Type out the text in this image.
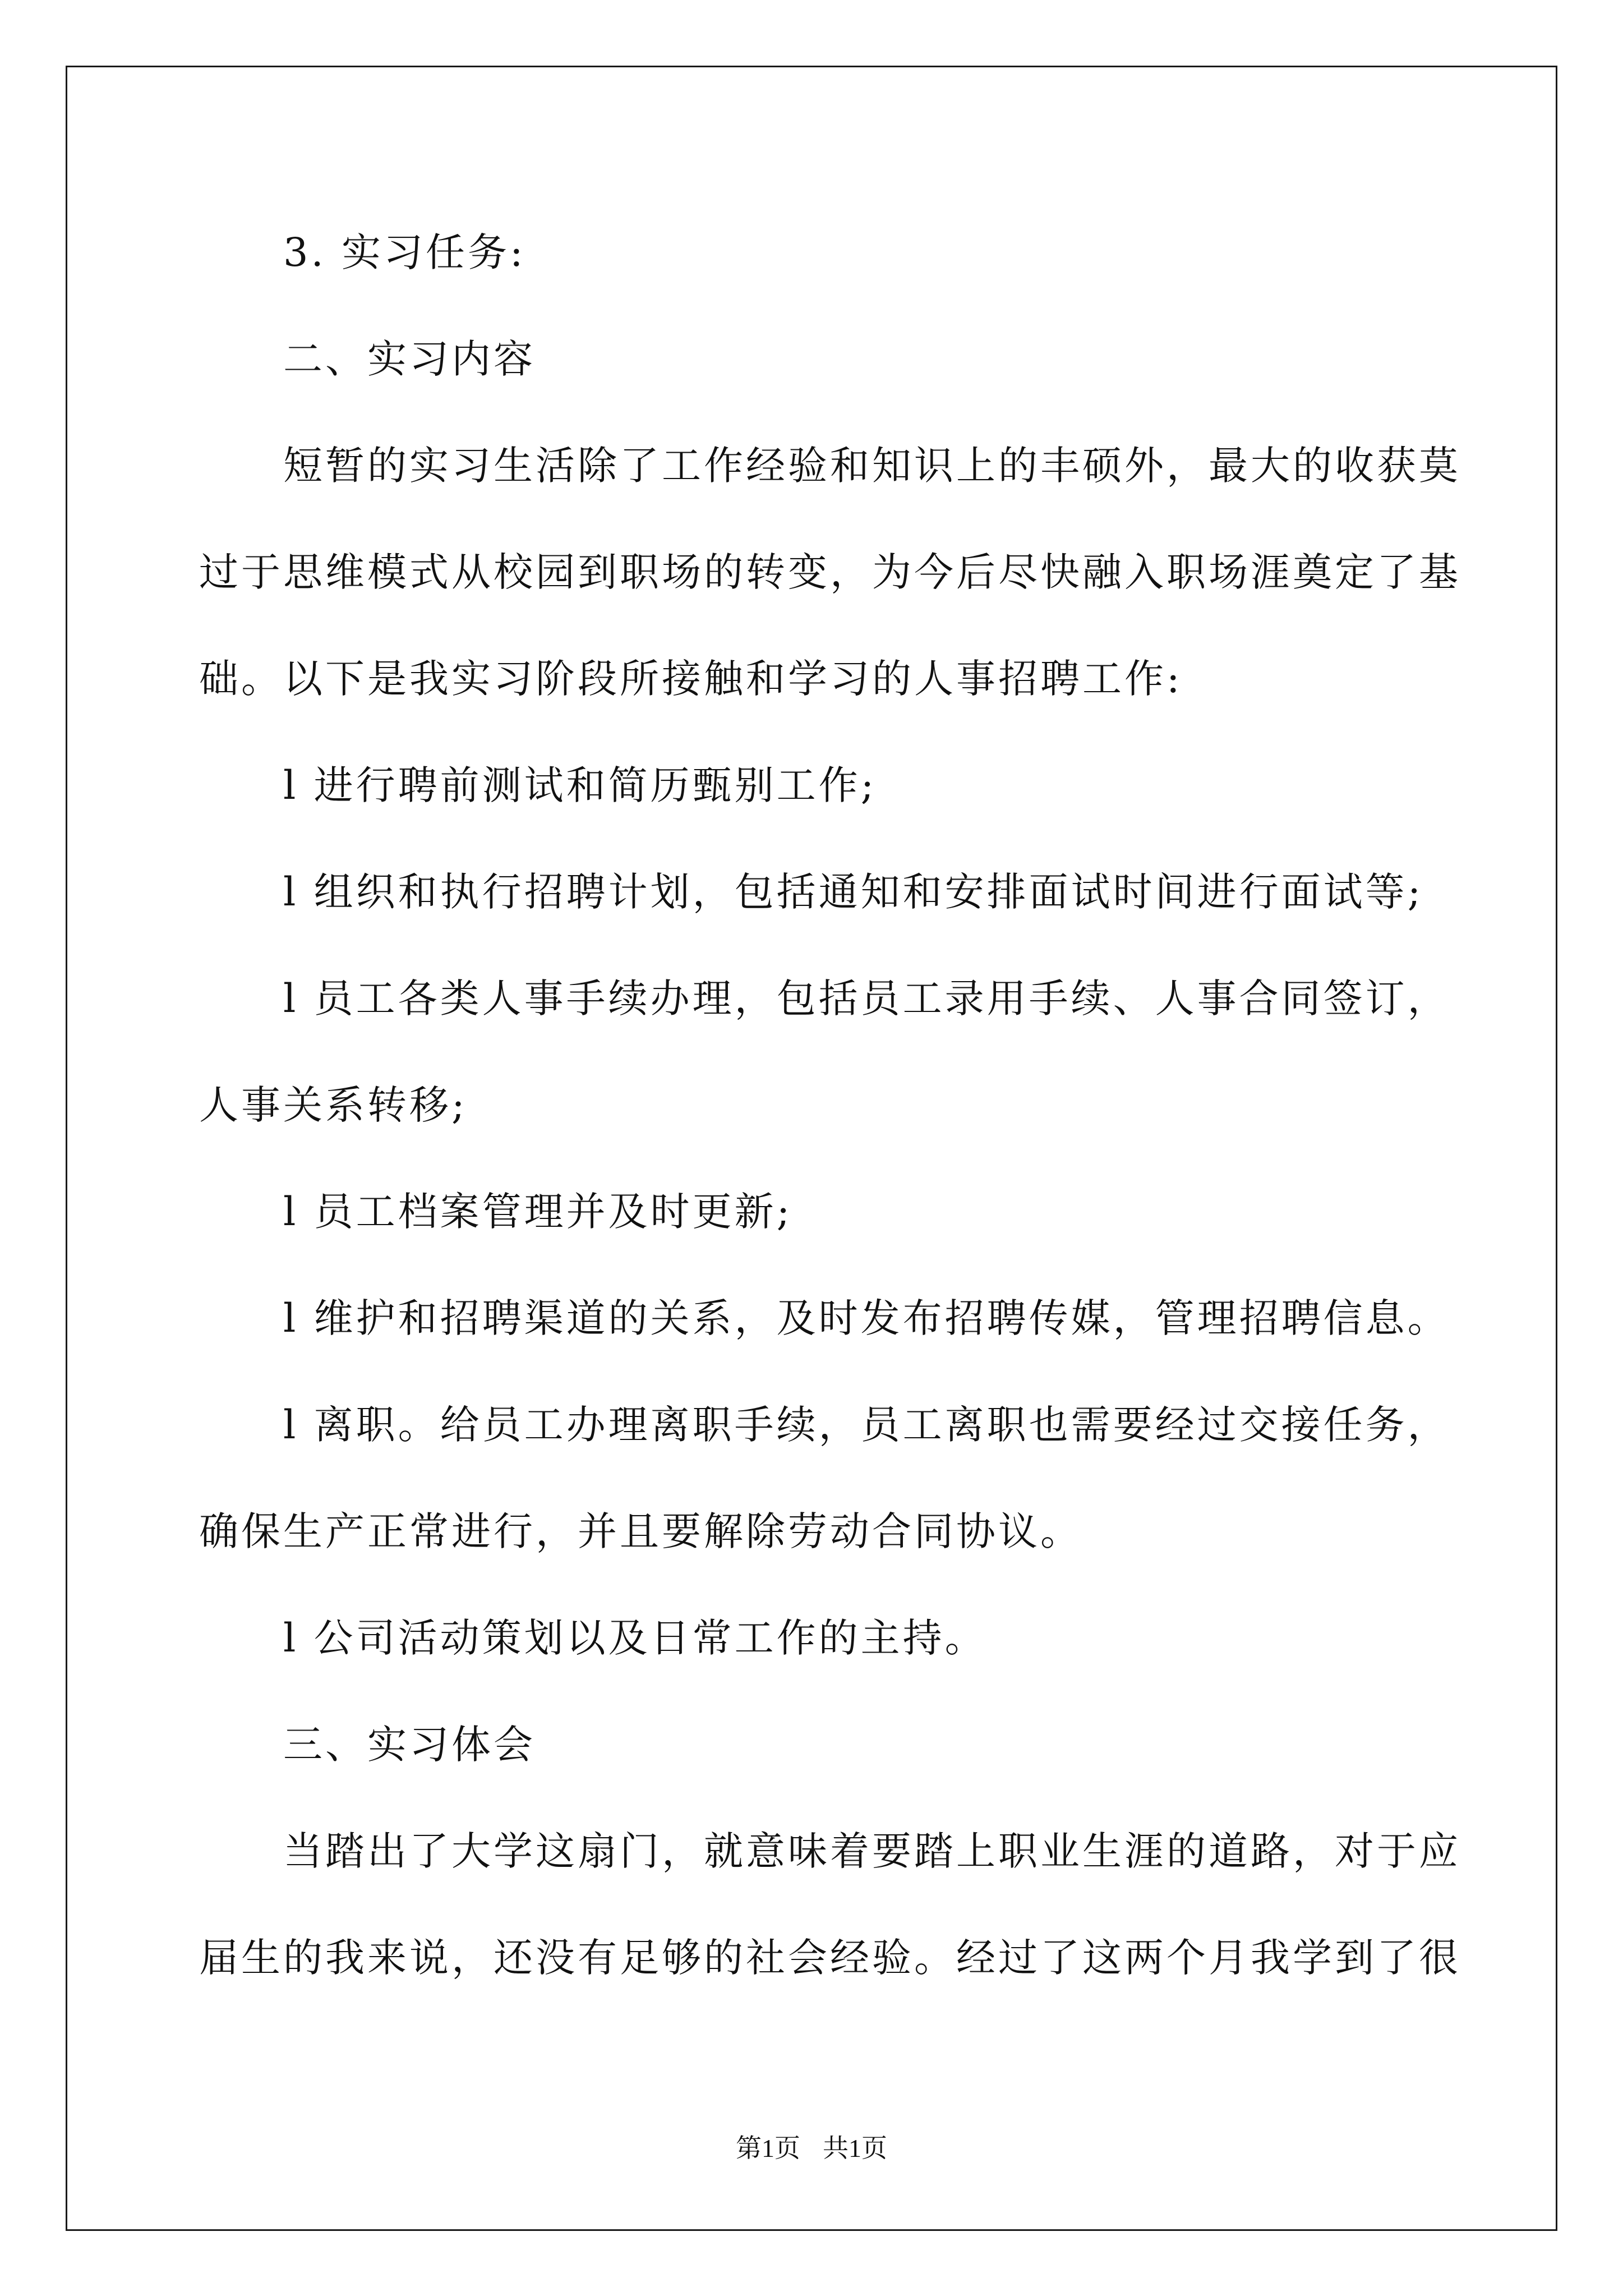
3. 实习任务:

二、实习内容

短暂的实习生活除了工作经验和知识上的丰硕外，最大的收获莫

过于思维模式从校园到职场的转变，为今后尽快融入职场涯奠定了基

础。以下是我实习阶段所接触和学习的人事招聘工作:

l 进行聘前测试和简历甄别工作;

l 组织和执行招聘计划，包括通知和安排面试时间进行面试等;

l 员工各类人事手续办理，包括员工录用手续、人事合同签订，

人事关系转移;

l 员工档案管理并及时更新;

l 维护和招聘渠道的关系，及时发布招聘传媒，管理招聘信息。

l 离职。给员工办理离职手续，员工离职也需要经过交接任务，

确保生产正常进行，并且要解除劳动合同协议。

l 公司活动策划以及日常工作的主持。

三、实习体会

当踏出了大学这扇门，就意味着要踏上职业生涯的道路，对于应

届生的我来说，还没有足够的社会经验。经过了这两个月我学到了很

第1页 共1页
